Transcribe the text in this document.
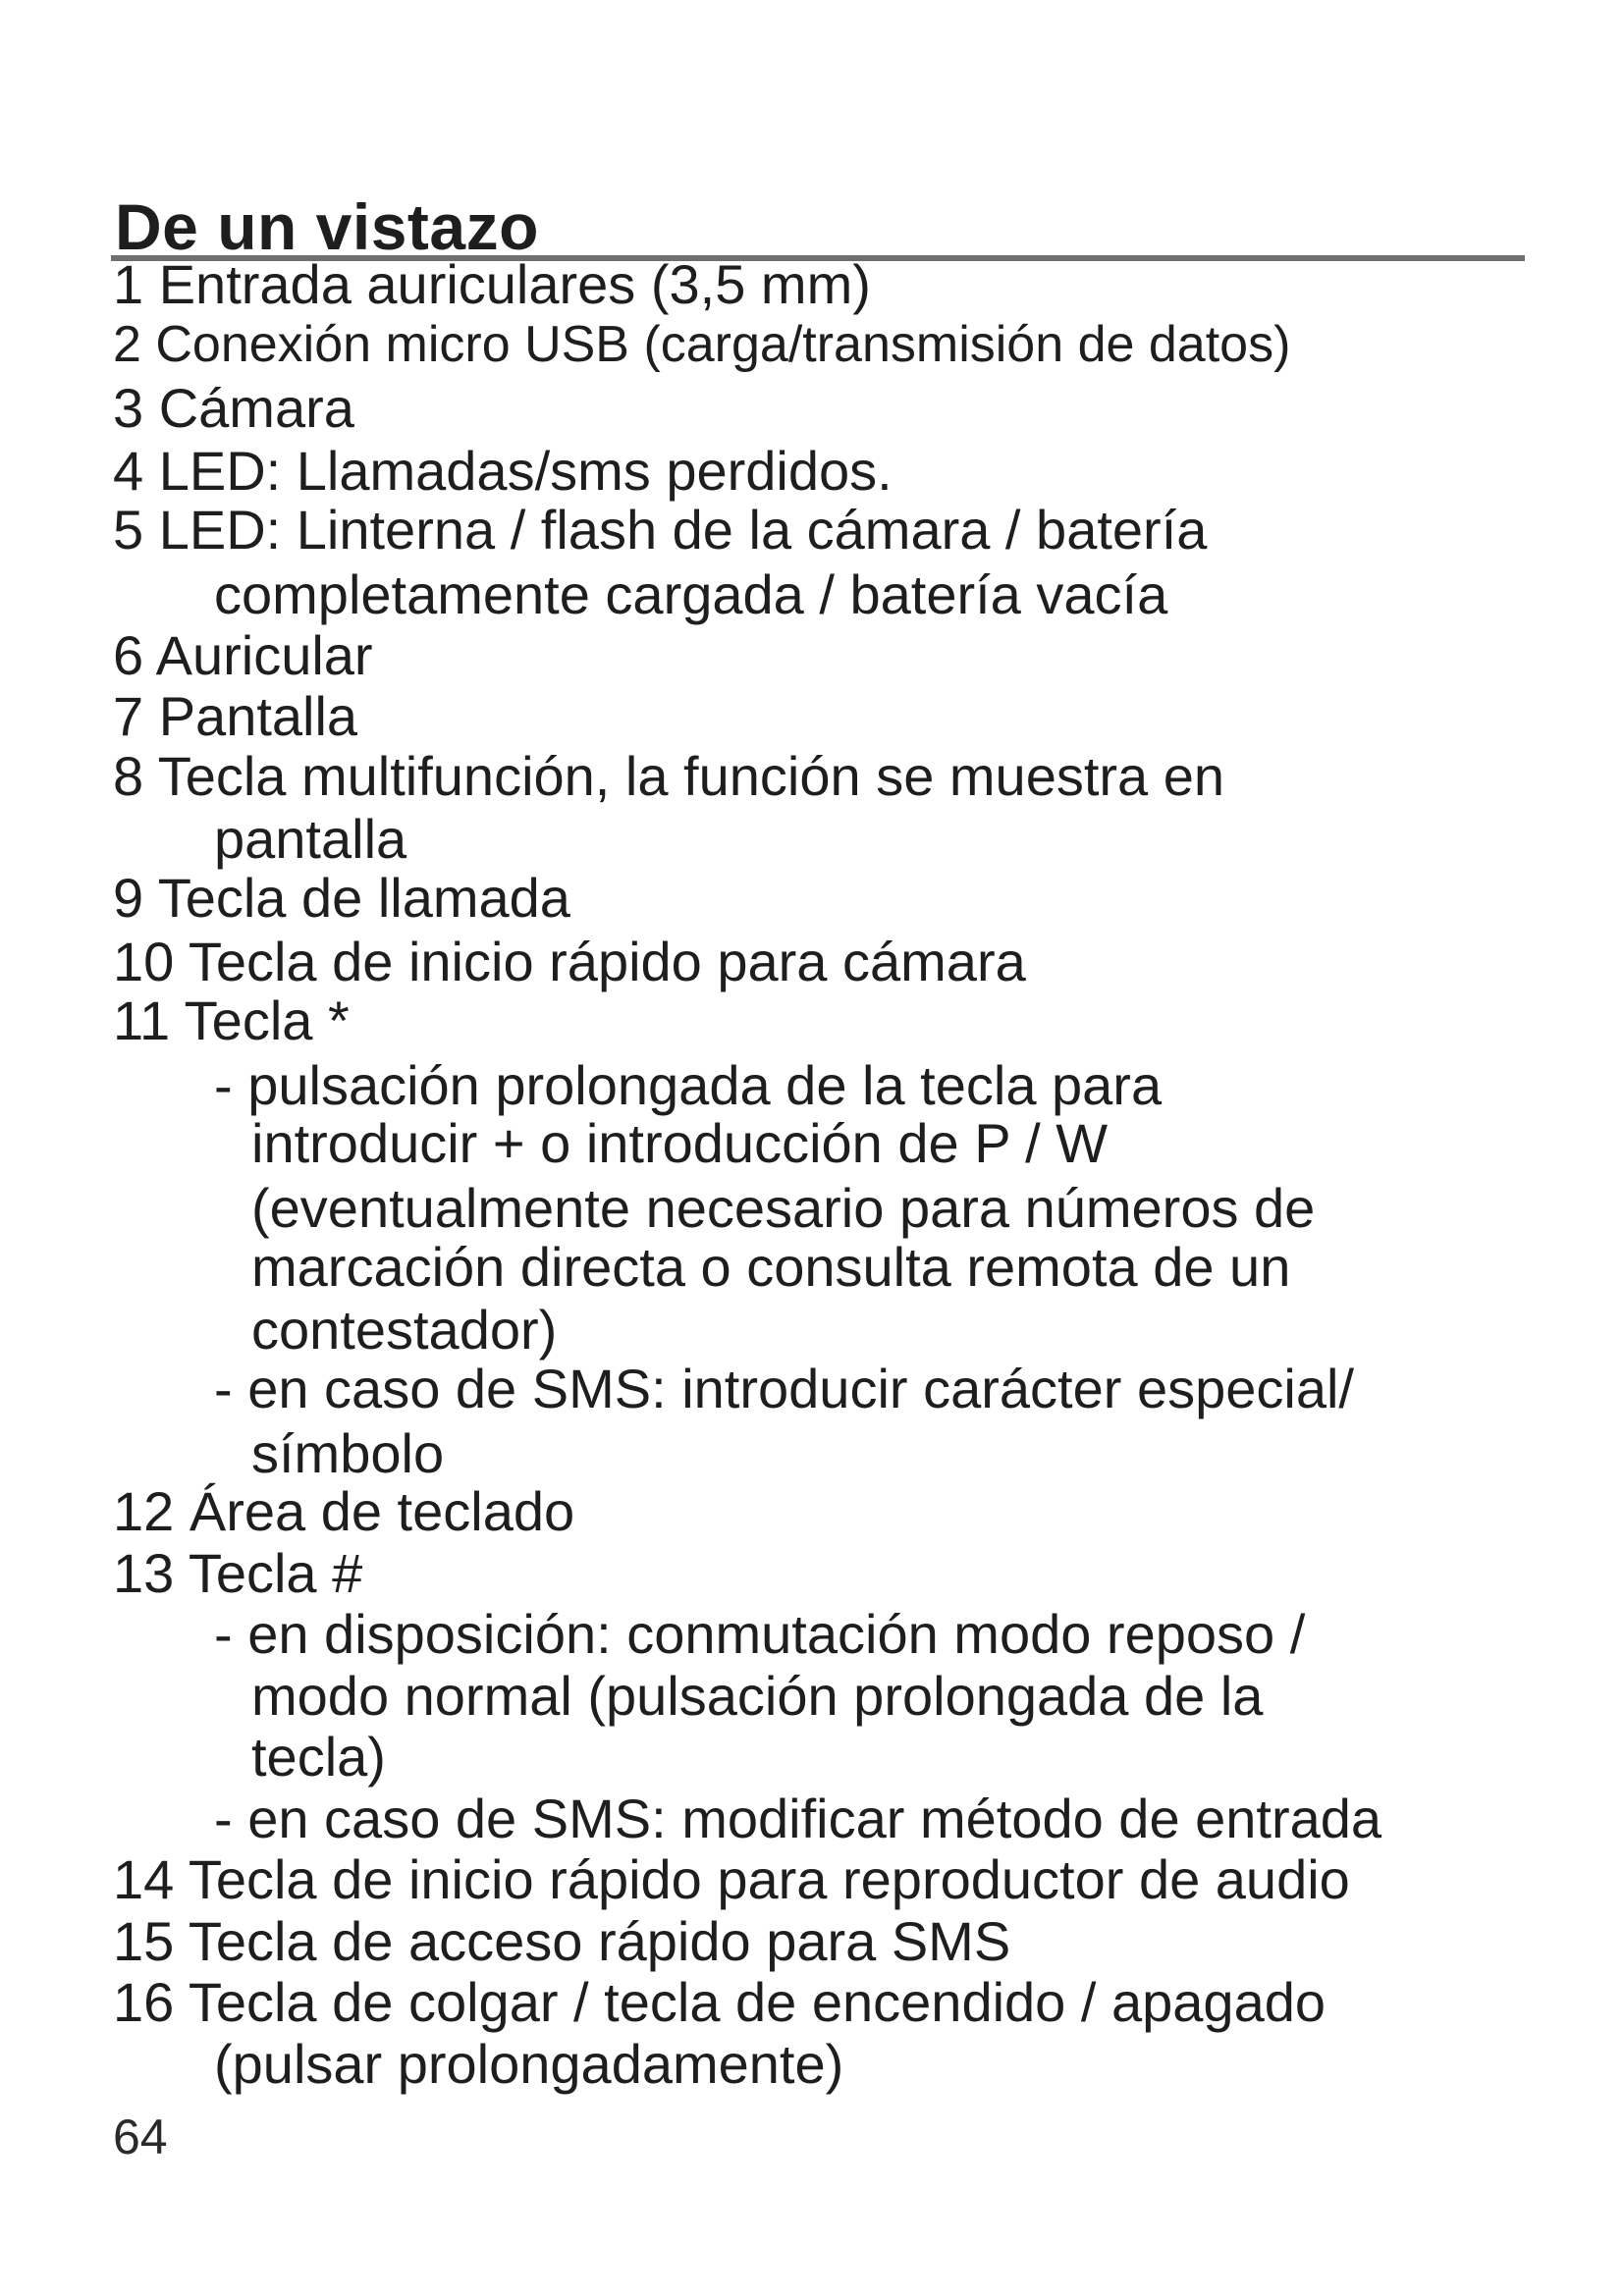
De un vistazo
1 Entrada auriculares (3,5 mm)
2 Conexión micro USB (carga/transmisión de datos)
3 Cámara
4 LED: Llamadas/sms perdidos.
5 LED: Linterna / flash de la cámara / batería
completamente cargada / batería vacía
6 Auricular
7 Pantalla
8 Tecla multifunción, la función se muestra en
pantalla
9 Tecla de llamada
10 Tecla de inicio rápido para cámara
11 Tecla *
- pulsación prolongada de la tecla para
introducir + o introducción de P / W
(eventualmente necesario para números de
marcación directa o consulta remota de un
contestador)
- en caso de SMS: introducir carácter especial/
símbolo
12 Área de teclado
13 Tecla #
- en disposición: conmutación modo reposo /
modo normal (pulsación prolongada de la
tecla)
- en caso de SMS: modificar método de entrada
14 Tecla de inicio rápido para reproductor de audio
15 Tecla de acceso rápido para SMS
16 Tecla de colgar / tecla de encendido / apagado
(pulsar prolongadamente)
64
